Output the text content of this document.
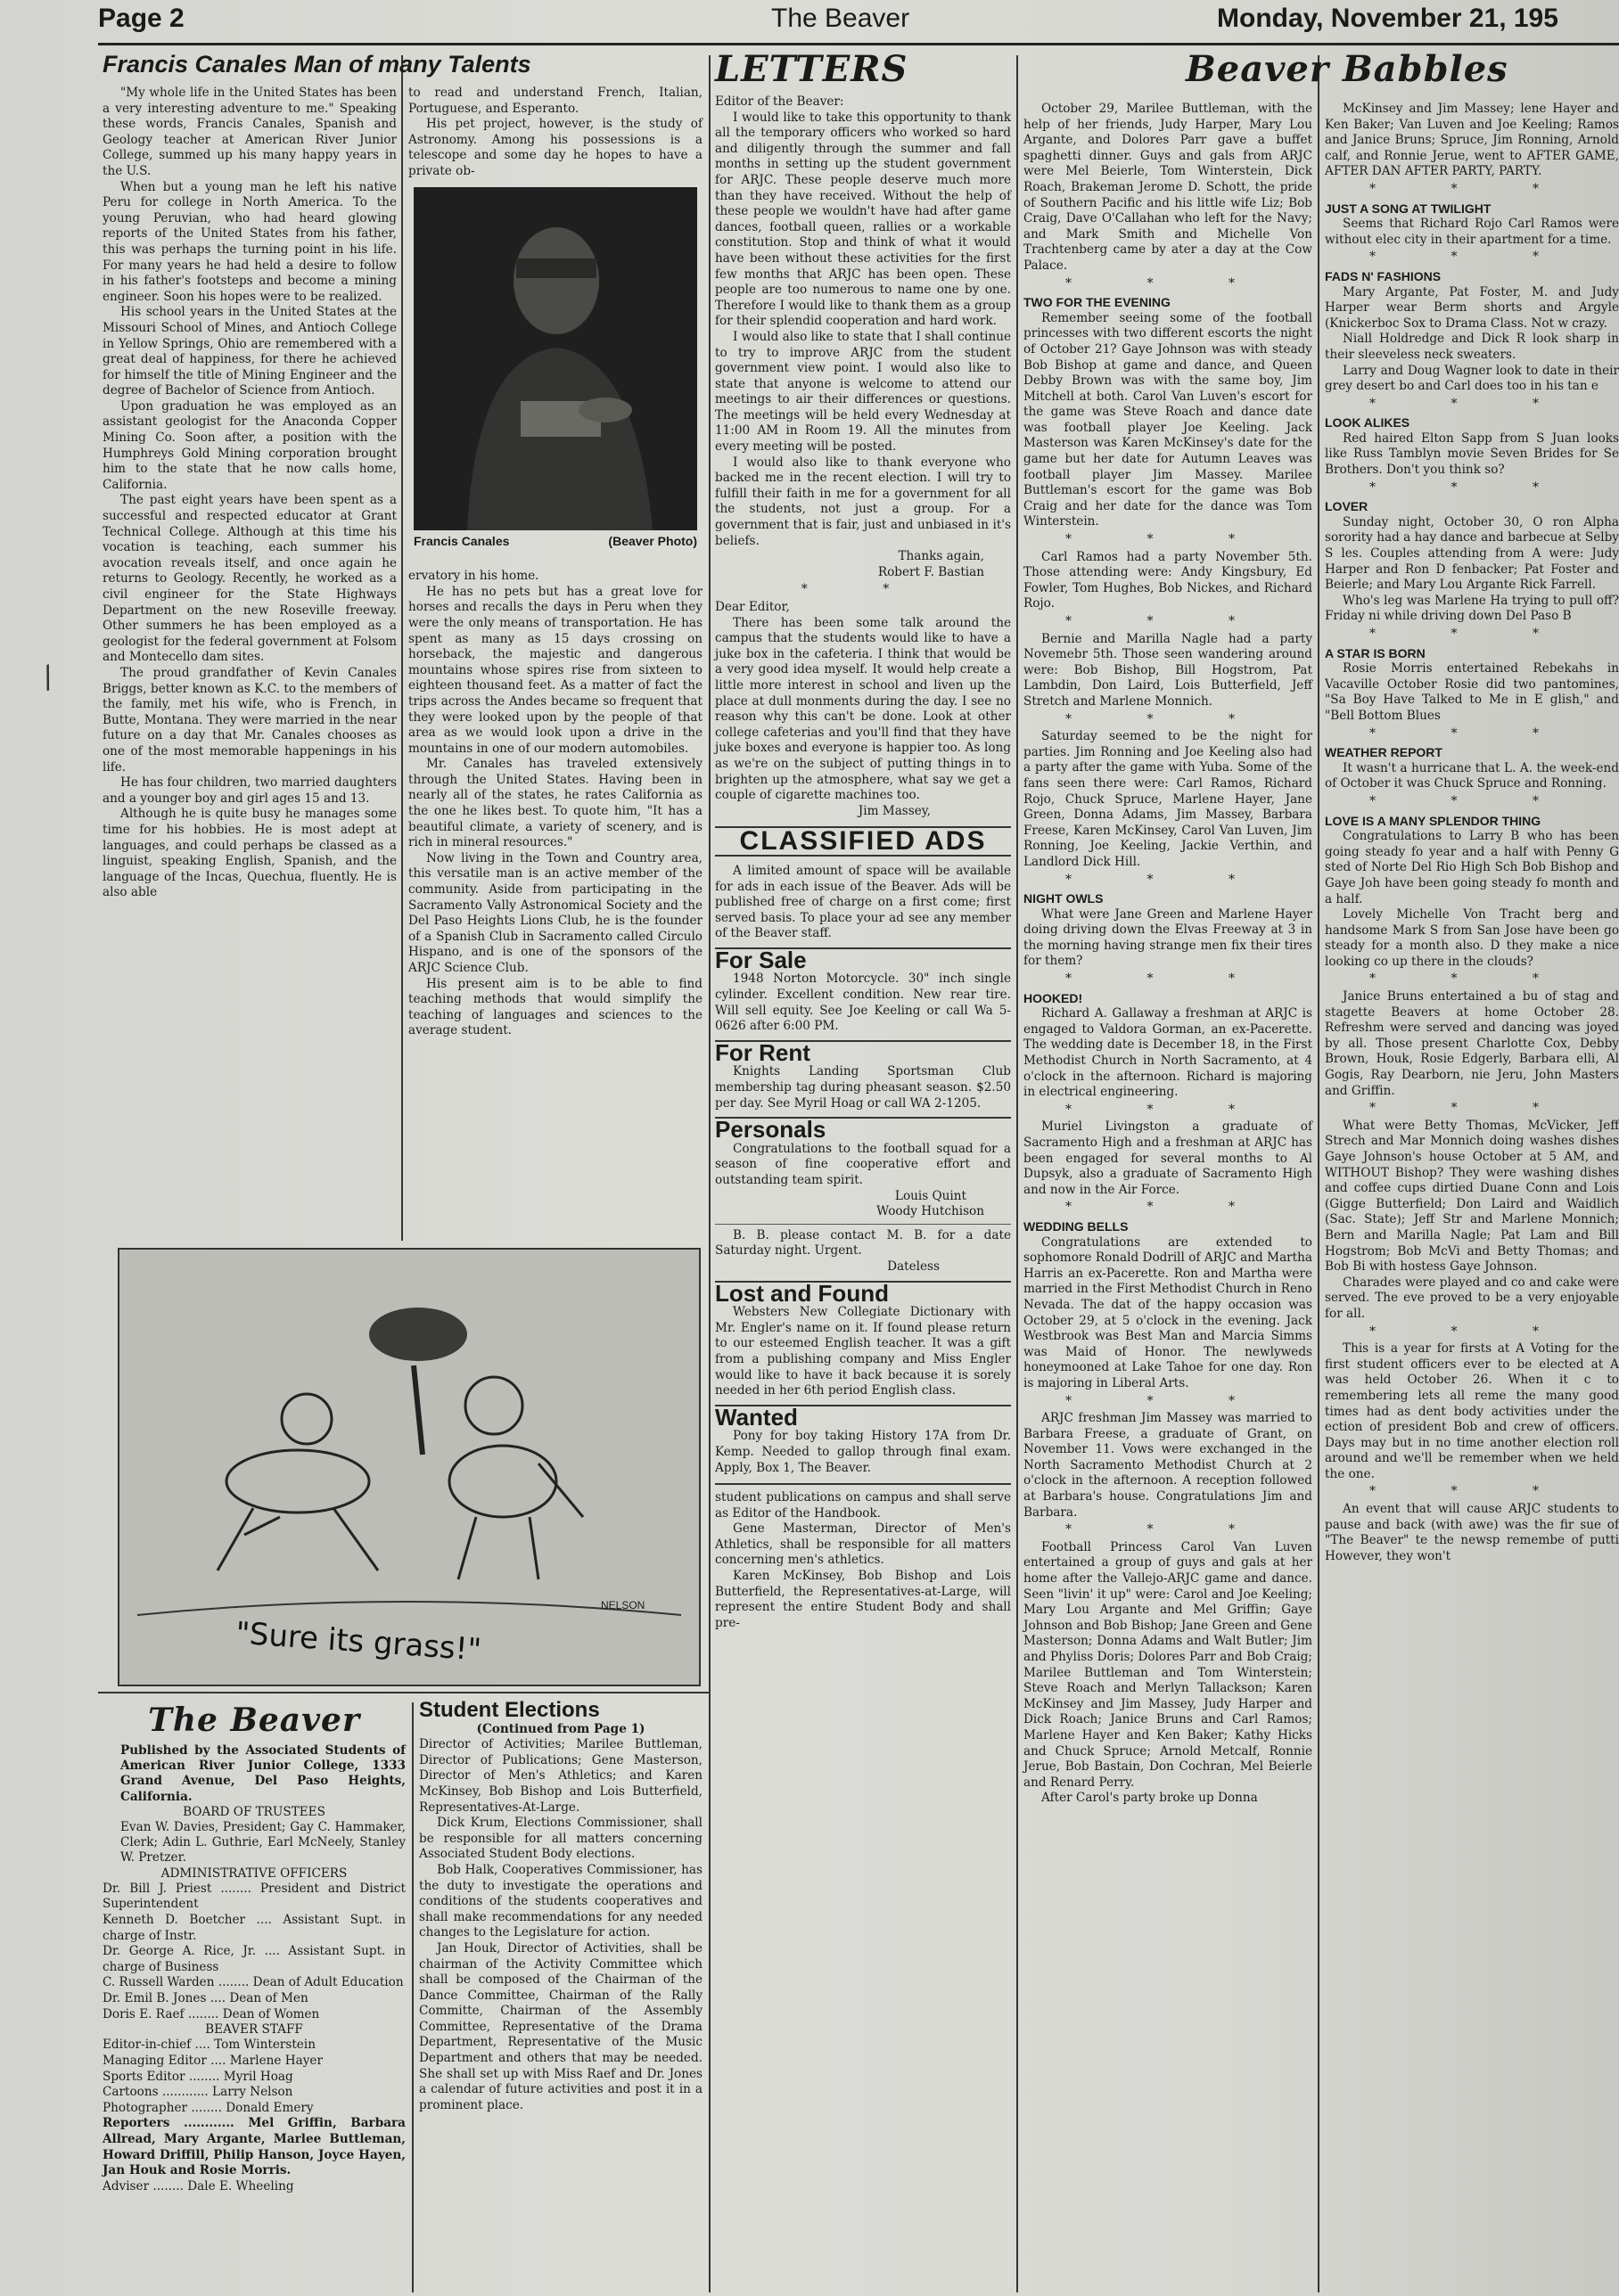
Page 2	The Beaver	Monday, November 21, 195
/
Francis Canales Man of many Talents

"My whole life in the United States has been a very interesting adventure to me." Speaking these words, Francis Canales, Spanish and Geology teacher at American River Junior College, summed up his many happy years in the U.S.

When but a young man he left his native Peru for college in North America. To the young Peruvian, who had heard glowing reports of the United States from his father, this was perhaps the turning point in his life. For many years he had held a desire to follow in his father's footsteps and become a mining engineer. Soon his hopes were to be realized.

His school years in the United States at the Missouri School of Mines, and Antioch College in Yellow Springs, Ohio are remembered with a great deal of happiness, for there he achieved for himself the title of Mining Engineer and the degree of Bachelor of Science from Antioch.

Upon graduation he was employed as an assistant geologist for the Anaconda Copper Mining Co. Soon after, a position with the Humphreys Gold Mining corporation brought him to the state that he now calls home, California.

The past eight years have been spent as a successful and respected educator at Grant Technical College. Although at this time his vocation is teaching, each summer his avocation reveals itself, and once again he returns to Geology. Recently, he worked as a civil engineer for the State Highways Department on the new Roseville freeway. Other summers he has been employed as a geologist for the federal government at Folsom and Montecello dam sites.

The proud grandfather of Kevin Canales Briggs, better known as K.C. to the members of the family, met his wife, who is French, in Butte, Montana. They were married in the near future on a day that Mr. Canales chooses as one of the most memorable happenings in his life.

He has four children, two married daughters and a younger boy and girl ages 15 and 13.

Although he is quite busy he manages some time for his hobbies. He is most adept at languages, and could perhaps be classed as a linguist, speaking English, Spanish, and the language of the Incas, Quechua, fluently. He is also able

to read and understand French, Italian, Portuguese, and Esperanto.

His pet project, however, is the study of Astronomy. Among his possessions is a telescope and some day he hopes to have a private ob-

Francis Canales	(Beaver Photo)

ervatory in his home.

He has no pets but has a great love for horses and recalls the days in Peru when they were the only means of transportation. He has spent as many as 15 days crossing on horseback, the majestic and dangerous mountains whose spires rise from sixteen to eighteen thousand feet. As a matter of fact the trips across the Andes became so frequent that they were looked upon by the people of that area as we would look upon a drive in the mountains in one of our modern automobiles.

Mr. Canales has traveled extensively through the United States. Having been in nearly all of the states, he rates California as the one he likes best. To quote him, "It has a beautiful climate, a variety of scenery, and is rich in mineral resources."

Now living in the Town and Country area, this versatile man is an active member of the community. Aside from participating in the Sacramento Vally Astronomical Society and the Del Paso Heights Lions Club, he is the founder of a Spanish Club in Sacramento called Circulo Hispano, and is one of the sponsors of the ARJC Science Club.

His present aim is to be able to find teaching methods that would simplify the teaching of languages and sciences to the average student.

"Sure its grass!"
NELSON
The Beaver
Published by the Associated Students of American River Junior College, 1333 Grand Avenue, Del Paso Heights, California.
BOARD OF TRUSTEES
Evan W. Davies, President; Gay C. Hammaker, Clerk; Adin L. Guthrie, Earl McNeely, Stanley W. Pretzer.
ADMINISTRATIVE OFFICERS
Dr. Bill J. Priest ........ President and District Superintendent
Kenneth D. Boetcher .... Assistant Supt. in charge of Instr.
Dr. George A. Rice, Jr. .... Assistant Supt. in charge of Business
C. Russell Warden ........ Dean of Adult Education
Dr. Emil B. Jones .... Dean of Men
Doris E. Raef ........ Dean of Women
BEAVER STAFF
Editor-in-chief .... Tom Winterstein
Managing Editor .... Marlene Hayer
Sports Editor ........ Myril Hoag
Cartoons ............ Larry Nelson
Photographer ........ Donald Emery
Reporters ............ Mel Griffin, Barbara Allread, Mary Argante, Marlee Buttleman, Howard Driffill, Philip Hanson, Joyce Hayen, Jan Houk and Rosie Morris.
Adviser ........ Dale E. Wheeling
Student Elections
(Continued from Page 1)

Director of Activities; Marilee Buttleman, Director of Publications; Gene Masterson, Director of Men's Athletics; and Karen McKinsey, Bob Bishop and Lois Butterfield, Representatives-At-Large.

Dick Krum, Elections Commissioner, shall be responsible for all matters concerning Associated Student Body elections.

Bob Halk, Cooperatives Commissioner, has the duty to investigate the operations and conditions of the students cooperatives and shall make recommendations for any needed changes to the Legislature for action.

Jan Houk, Director of Activities, shall be chairman of the Activity Committee which shall be composed of the Chairman of the Dance Committee, Chairman of the Rally Committe, Chairman of the Assembly Committee, Representative of the Drama Department, Representative of the Music Department and others that may be needed. She shall set up with Miss Raef and Dr. Jones a calendar of future activities and post it in a prominent place.

LETTERS

Editor of the Beaver:

I would like to take this opportunity to thank all the temporary officers who worked so hard and diligently through the summer and fall months in setting up the student government for ARJC. These people deserve much more than they have received. Without the help of these people we wouldn't have had after game dances, football queen, rallies or a workable constitution. Stop and think of what it would have been without these activities for the first few months that ARJC has been open. These people are too numerous to name one by one. Therefore I would like to thank them as a group for their splendid cooperation and hard work.

I would also like to state that I shall continue to try to improve ARJC from the student government view point. I would also like to state that anyone is welcome to attend our meetings to air their differences or questions. The meetings will be held every Wednesday at 11:00 AM in Room 19. All the minutes from every meeting will be posted.

I would also like to thank everyone who backed me in the recent election. I will try to fulfill their faith in me for a government for all the students, not just a group. For a government that is fair, just and unbiased in it's beliefs.

Thanks again,
Robert F. Bastian
* *

Dear Editor,

There has been some talk around the campus that the students would like to have a juke box in the cafeteria. I think that would be a very good idea myself. It would help create a little more interest in school and liven up the place at dull monments during the day. I see no reason why this can't be done. Look at other college cafeterias and you'll find that they have juke boxes and everyone is happier too. As long as we're on the subject of putting things in to brighten up the atmosphere, what say we get a couple of cigarette machines too.

Jim Massey,
CLASSIFIED ADS

A limited amount of space will be available for ads in each issue of the Beaver. Ads will be published free of charge on a first come; first served basis. To place your ad see any member of the Beaver staff.

For Sale

1948 Norton Motorcycle. 30" inch single cylinder. Excellent condition. New rear tire. Will sell equity. See Joe Keeling or call Wa 5-0626 after 6:00 PM.

For Rent

Knights Landing Sportsman Club membership tag during pheasant season. $2.50 per day. See Myril Hoag or call WA 2-1205.

Personals

Congratulations to the football squad for a season of fine cooperative effort and outstanding team spirit.

Louis Quint
Woody Hutchison

B. B. please contact M. B. for a date Saturday night. Urgent.

Dateless
Lost and Found

Websters New Collegiate Dictionary with Mr. Engler's name on it. If found please return to our esteemed English teacher. It was a gift from a publishing company and Miss Engler would like to have it back because it is sorely needed in her 6th period English class.

Wanted

Pony for boy taking History 17A from Dr. Kemp. Needed to gallop through final exam. Apply, Box 1, The Beaver.

student publications on campus and shall serve as Editor of the Handbook.

Gene Masterman, Director of Men's Athletics, shall be responsible for all matters concerning men's athletics.

Karen McKinsey, Bob Bishop and Lois Butterfield, the Representatives-at-Large, will represent the entire Student Body and shall pre-

Beaver Babbles

October 29, Marilee Buttleman, with the help of her friends, Judy Harper, Mary Lou Argante, and Dolores Parr gave a buffet spaghetti dinner. Guys and gals from ARJC were Mel Beierle, Tom Winterstein, Dick Roach, Brakeman Jerome D. Schott, the pride of Southern Pacific and his little wife Liz; Bob Craig, Dave O'Callahan who left for the Navy; and Mark Smith and Michelle Von Trachtenberg came by ater a day at the Cow Palace.

* * *
TWO FOR THE EVENING

Remember seeing some of the football princesses with two different escorts the night of October 21? Gaye Johnson was with steady Bob Bishop at game and dance, and Queen Debby Brown was with the same boy, Jim Mitchell at both. Carol Van Luven's escort for the game was Steve Roach and dance date was football player Joe Keeling. Jack Masterson was Karen McKinsey's date for the game but her date for Autumn Leaves was football player Jim Massey. Marilee Buttleman's escort for the game was Bob Craig and her date for the dance was Tom Winterstein.

* * *

Carl Ramos had a party November 5th. Those attending were: Andy Kingsbury, Ed Fowler, Tom Hughes, Bob Nickes, and Richard Rojo.

* * *

Bernie and Marilla Nagle had a party Novemebr 5th. Those seen wandering around were: Bob Bishop, Bill Hogstrom, Pat Lambdin, Don Laird, Lois Butterfield, Jeff Stretch and Marlene Monnich.

* * *

Saturday seemed to be the night for parties. Jim Ronning and Joe Keeling also had a party after the game with Yuba. Some of the fans seen there were: Carl Ramos, Richard Rojo, Chuck Spruce, Marlene Hayer, Jane Green, Donna Adams, Jim Massey, Barbara Freese, Karen McKinsey, Carol Van Luven, Jim Ronning, Joe Keeling, Jackie Verthin, and Landlord Dick Hill.

* * *
NIGHT OWLS

What were Jane Green and Marlene Hayer doing driving down the Elvas Freeway at 3 in the morning having strange men fix their tires for them?

* * *
HOOKED!

Richard A. Gallaway a freshman at ARJC is engaged to Valdora Gorman, an ex-Pacerette. The wedding date is December 18, in the First Methodist Church in North Sacramento, at 4 o'clock in the afternoon. Richard is majoring in electrical engineering.

* * *

Muriel Livingston a graduate of Sacramento High and a freshman at ARJC has been engaged for several months to Al Dupsyk, also a graduate of Sacramento High and now in the Air Force.

* * *
WEDDING BELLS

Congratulations are extended to sophomore Ronald Dodrill of ARJC and Martha Harris an ex-Pacerette. Ron and Martha were married in the First Methodist Church in Reno Nevada. The dat of the happy occasion was October 29, at 5 o'clock in the evening. Jack Westbrook was Best Man and Marcia Simms was Maid of Honor. The newlyweds honeymooned at Lake Tahoe for one day. Ron is majoring in Liberal Arts.

* * *

ARJC freshman Jim Massey was married to Barbara Freese, a graduate of Grant, on November 11. Vows were exchanged in the North Sacramento Methodist Church at 2 o'clock in the afternoon. A reception followed at Barbara's house. Congratulations Jim and Barbara.

* * *

Football Princess Carol Van Luven entertained a group of guys and gals at her home after the Vallejo-ARJC game and dance. Seen "livin' it up" were: Carol and Joe Keeling; Mary Lou Argante and Mel Griffin; Gaye Johnson and Bob Bishop; Jane Green and Gene Masterson; Donna Adams and Walt Butler; Jim and Phyliss Doris; Dolores Parr and Bob Craig; Marilee Buttleman and Tom Winterstein; Steve Roach and Merlyn Tallackson; Karen McKinsey and Jim Massey, Judy Harper and Dick Roach; Janice Bruns and Carl Ramos; Marlene Hayer and Ken Baker; Kathy Hicks and Chuck Spruce; Arnold Metcalf, Ronnie Jerue, Bob Bastain, Don Cochran, Mel Beierle and Renard Perry.

After Carol's party broke up Donna

McKinsey and Jim Massey; lene Hayer and Ken Baker; Van Luven and Joe Keeling; Ramos and Janice Bruns; Spruce, Jim Ronning, Arnold calf, and Ronnie Jerue, went to AFTER GAME, AFTER DAN AFTER PARTY, PARTY.

* * *
JUST A SONG AT TWILIGHT

Seems that Richard Rojo Carl Ramos were without elec city in their apartment for a time.

* * *
FADS N' FASHIONS

Mary Argante, Pat Foster, M. and Judy Harper wear Berm shorts and Argyle (Knickerboc Sox to Drama Class. Not w crazy.

Niall Holdredge and Dick R look sharp in their sleeveless neck sweaters.

Larry and Doug Wagner look to date in their grey desert bo and Carl does too in his tan e

* * *
LOOK ALIKES

Red haired Elton Sapp from S Juan looks like Russ Tamblyn movie Seven Brides for Se Brothers. Don't you think so?

* * *
LOVER

Sunday night, October 30, O ron Alpha sorority had a hay dance and barbecue at Selby S les. Couples attending from A were: Judy Harper and Ron D fenbacker; Pat Foster and Beierle; and Mary Lou Argante Rick Farrell.

Who's leg was Marlene Ha trying to pull off? Friday ni while driving down Del Paso B

* * *
A STAR IS BORN

Rosie Morris entertained Rebekahs in Vacaville October Rosie did two pantomines, "Sa Boy Have Talked to Me in E glish," and "Bell Bottom Blues

* * *
WEATHER REPORT

It wasn't a hurricane that L. A. the week-end of October it was Chuck Spruce and Ronning.

* * *
LOVE IS A MANY SPLENDOR THING

Congratulations to Larry B who has been going steady fo year and a half with Penny G sted of Norte Del Rio High Sch Bob Bishop and Gaye Joh have been going steady fo month and a half.

Lovely Michelle Von Tracht berg and handsome Mark S from San Jose have been go steady for a month also. D they make a nice looking co up there in the clouds?

* * *

Janice Bruns entertained a bu of stag and stagette Beavers at home October 28. Refreshm were served and dancing was joyed by all. Those present Charlotte Cox, Debby Brown, Houk, Rosie Edgerly, Barbara elli, Al Gogis, Ray Dearborn, nie Jeru, John Masters and Griffin.

* * *

What were Betty Thomas, McVicker, Jeff Strech and Mar Monnich doing washes dishes Gaye Johnson's house October at 5 AM, and WITHOUT Bishop? They were washing dishes and coffee cups dirtied Duane Conn and Lois (Gigge Butterfield; Don Laird and Waidlich (Sac. State); Jeff Str and Marlene Monnich; Bern and Marilla Nagle; Pat Lam and Bill Hogstrom; Bob McVi and Betty Thomas; and Bob Bi with hostess Gaye Johnson.

Charades were played and co and cake were served. The eve proved to be a very enjoyable for all.

* * *

This is a year for firsts at A Voting for the first student officers ever to be elected at A was held October 26. When it c to remembering lets all reme the many good times had as dent body activities under the ection of president Bob and crew of officers. Days may but in no time another election roll around and we'll be remember when we held the one.

* * *

An event that will cause ARJC students to pause and back (with awe) was the fir sue of "The Beaver" te the newsp remembe of putti However, they won't
